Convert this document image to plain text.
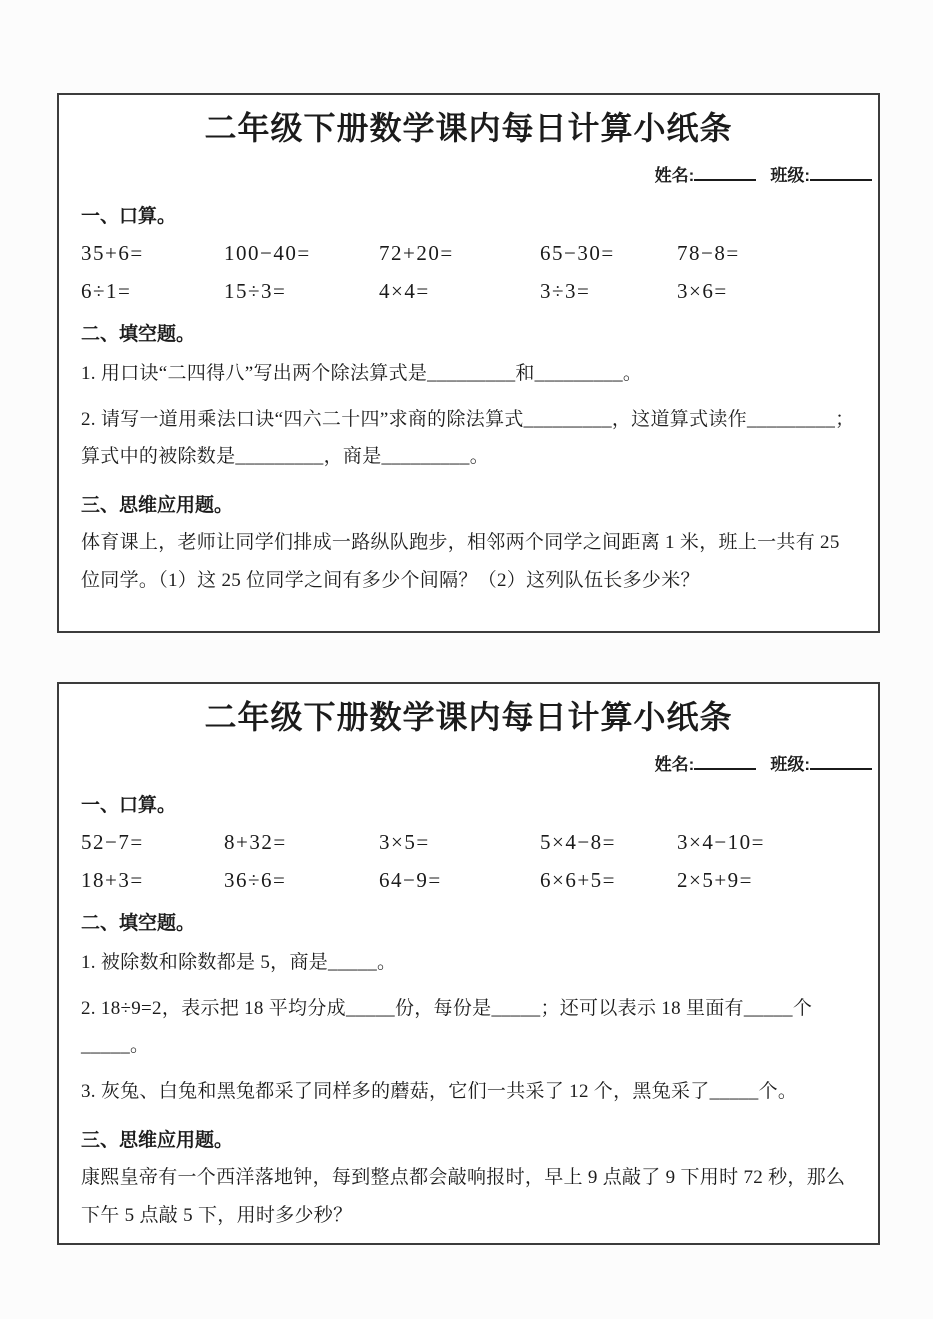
二年级下册数学课内每日计算小纸条
姓名:	班级:
一、口算。
35+6=	100−40=	72+20=	65−30=	78−8=
6÷1=	15÷3=	4×4=	3÷3=	3×6=
二、填空题。

1. 用口诀“二四得八”写出两个除法算式是_________和_________。

2. 请写一道用乘法口诀“四六二十四”求商的除法算式_________，这道算式读作_________；算式中的被除数是_________，商是_________。

三、思维应用题。

体育课上，老师让同学们排成一路纵队跑步，相邻两个同学之间距离 1 米，班上一共有 25 位同学。（1）这 25 位同学之间有多少个间隔？（2）这列队伍长多少米？

二年级下册数学课内每日计算小纸条
姓名:	班级:
一、口算。
52−7=	8+32=	3×5=	5×4−8=	3×4−10=
18+3=	36÷6=	64−9=	6×6+5=	2×5+9=
二、填空题。

1. 被除数和除数都是 5，商是_____。

2. 18÷9=2，表示把 18 平均分成_____份，每份是_____；还可以表示 18 里面有_____个_____。

3. 灰兔、白兔和黑兔都采了同样多的蘑菇，它们一共采了 12 个，黑兔采了_____个。

三、思维应用题。

康熙皇帝有一个西洋落地钟，每到整点都会敲响报时，早上 9 点敲了 9 下用时 72 秒，那么下午 5 点敲 5 下，用时多少秒？
